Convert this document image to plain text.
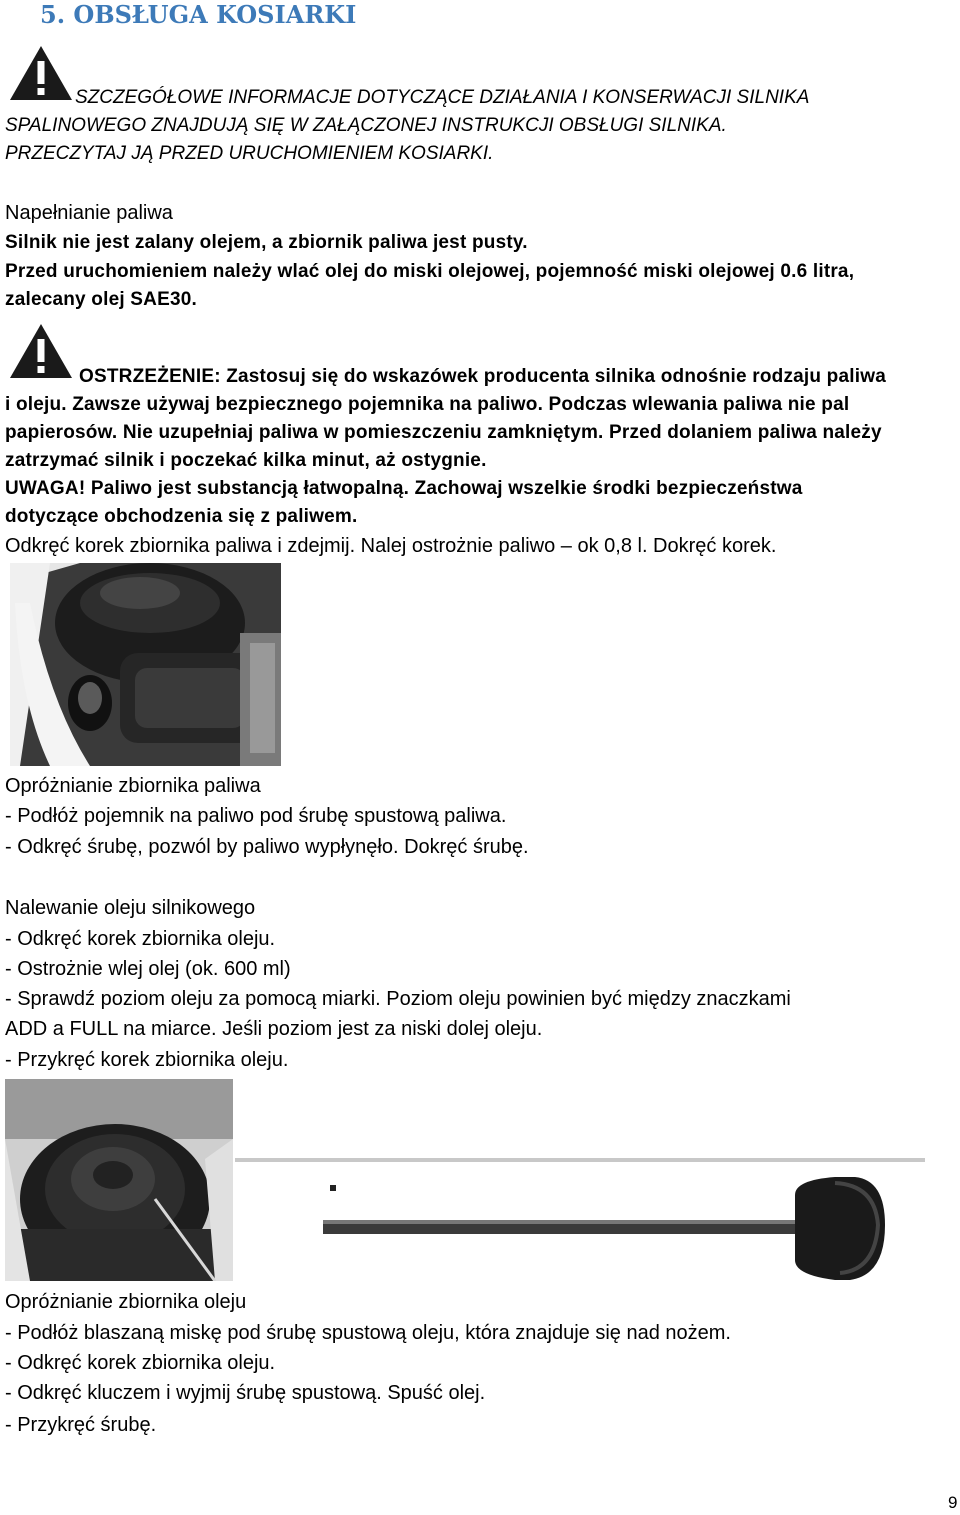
5. OBSŁUGA KOSIARKI
SZCZEGÓŁOWE INFORMACJE DOTYCZĄCE DZIAŁANIA I KONSERWACJI SILNIKA
SPALINOWEGO ZNAJDUJĄ SIĘ W ZAŁĄCZONEJ INSTRUKCJI OBSŁUGI SILNIKA.
PRZECZYTAJ JĄ PRZED URUCHOMIENIEM KOSIARKI.
Napełnianie paliwa
Silnik nie jest zalany olejem, a zbiornik paliwa jest pusty.
Przed uruchomieniem należy wlać olej do miski olejowej, pojemność miski olejowej 0.6 litra,
zalecany olej SAE30.
OSTRZEŻENIE: Zastosuj się do wskazówek producenta silnika odnośnie rodzaju paliwa
i oleju. Zawsze używaj bezpiecznego pojemnika na paliwo. Podczas wlewania paliwa nie pal
papierosów. Nie uzupełniaj paliwa w pomieszczeniu zamkniętym. Przed dolaniem paliwa należy
zatrzymać silnik i poczekać kilka minut, aż ostygnie.
UWAGA! Paliwo jest substancją łatwopalną. Zachowaj wszelkie środki bezpieczeństwa
dotyczące obchodzenia się z paliwem.
Odkręć korek zbiornika paliwa i zdejmij. Nalej ostrożnie paliwo – ok 0,8 l. Dokręć korek.
Opróżnianie zbiornika paliwa
- Podłóż pojemnik na paliwo pod śrubę spustową paliwa.
- Odkręć śrubę, pozwól by paliwo wypłynęło. Dokręć śrubę.
Nalewanie oleju silnikowego
- Odkręć korek zbiornika oleju.
- Ostrożnie wlej olej (ok. 600 ml)
- Sprawdź poziom oleju za pomocą miarki. Poziom oleju powinien być między znaczkami
ADD a FULL na miarce. Jeśli poziom jest za niski dolej oleju.
- Przykręć korek zbiornika oleju.
Opróżnianie zbiornika oleju
- Podłóż blaszaną miskę pod śrubę spustową oleju, która znajduje się nad nożem.
- Odkręć korek zbiornika oleju.
- Odkręć kluczem i wyjmij śrubę spustową. Spuść olej.
- Przykręć śrubę.
9
